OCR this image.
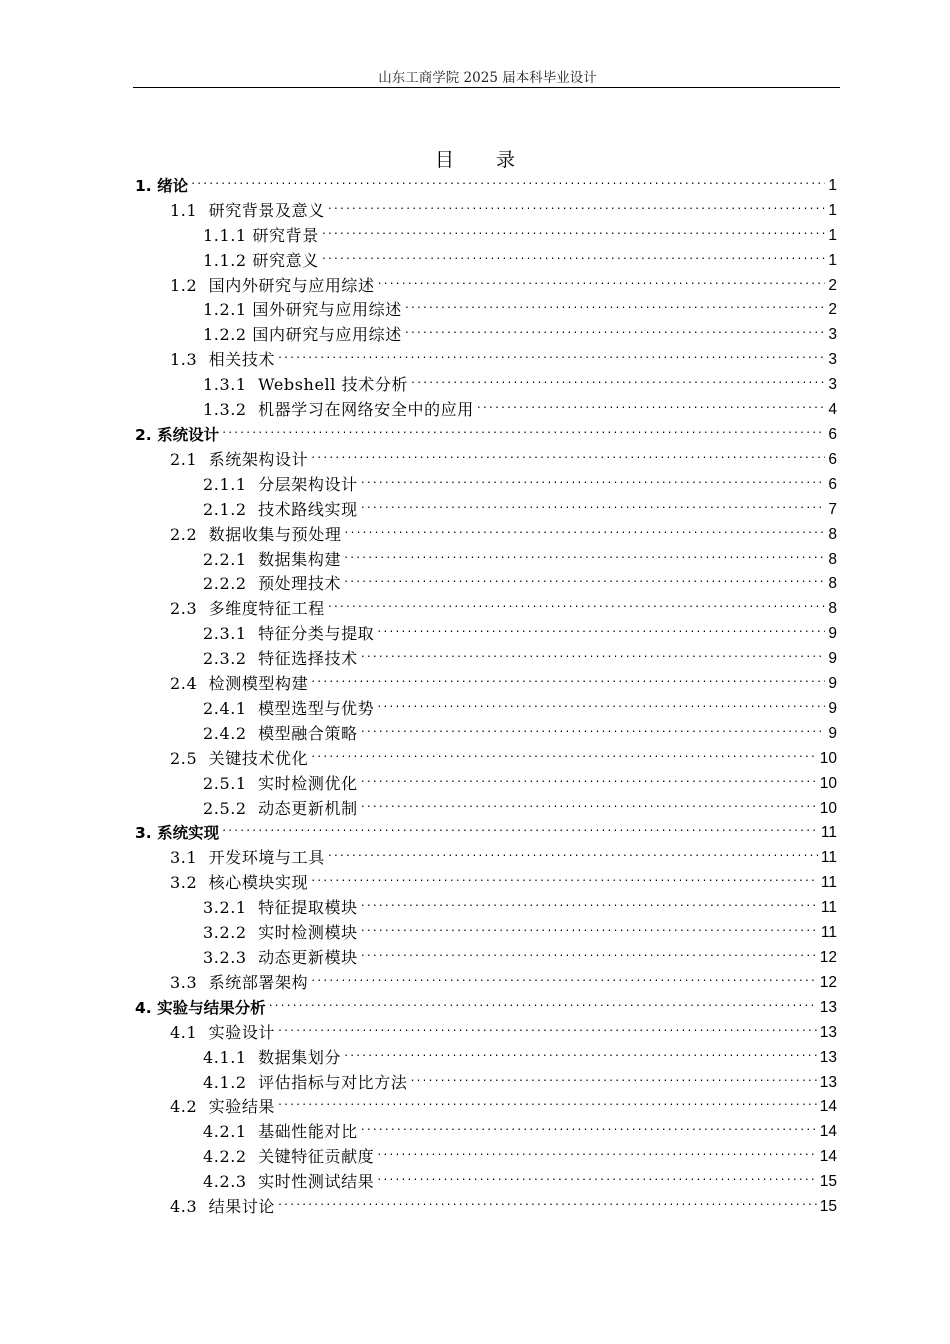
山东工商学院 2025 届本科毕业设计
目 录
1. 绪论 .....	1
1.1  研究背景及意义 .....	1
1.1.1 研究背景 .....	1
1.1.2 研究意义 .....	1
1.2  国内外研究与应用综述 .....	2
1.2.1 国外研究与应用综述 .....	2
1.2.2 国内研究与应用综述 .....	3
1.3  相关技术 .....	3
1.3.1  Webshell 技术分析 .....	3
1.3.2  机器学习在网络安全中的应用 .....	4
2. 系统设计 .....	6
2.1  系统架构设计 .....	6
2.1.1  分层架构设计 .....	6
2.1.2  技术路线实现 .....	7
2.2  数据收集与预处理 .....	8
2.2.1  数据集构建 .....	8
2.2.2  预处理技术 .....	8
2.3  多维度特征工程 .....	8
2.3.1  特征分类与提取 .....	9
2.3.2  特征选择技术 .....	9
2.4  检测模型构建 .....	9
2.4.1  模型选型与优势 .....	9
2.4.2  模型融合策略 .....	9
2.5  关键技术优化 .....	10
2.5.1  实时检测优化 .....	10
2.5.2  动态更新机制 .....	10
3. 系统实现 .....	11
3.1  开发环境与工具 .....	11
3.2  核心模块实现 .....	11
3.2.1  特征提取模块 .....	11
3.2.2  实时检测模块 .....	11
3.2.3  动态更新模块 .....	12
3.3  系统部署架构 .....	12
4. 实验与结果分析 .....	13
4.1  实验设计 .....	13
4.1.1  数据集划分 .....	13
4.1.2  评估指标与对比方法 .....	13
4.2  实验结果 .....	14
4.2.1  基础性能对比 .....	14
4.2.2  关键特征贡献度 .....	14
4.2.3  实时性测试结果 .....	15
4.3  结果讨论 .....	15
